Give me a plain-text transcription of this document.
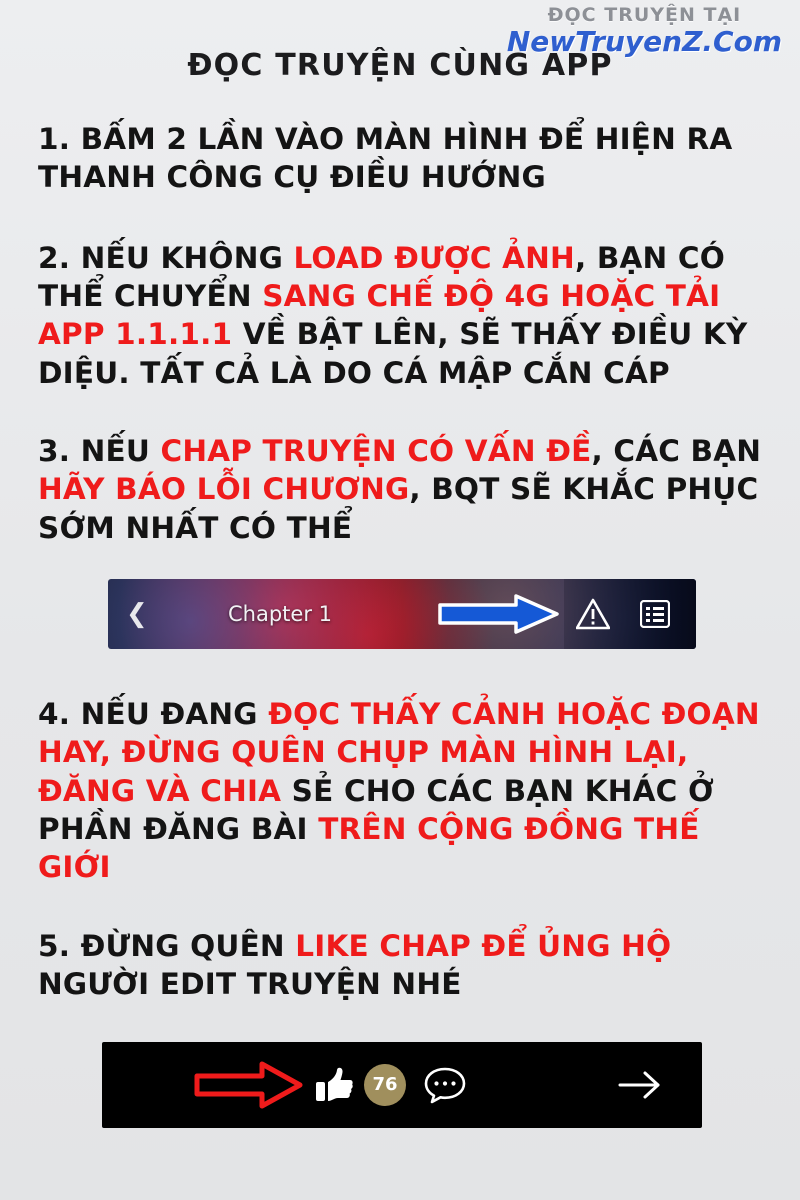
ĐỌC TRUYỆN TẠI
NewTruyenZ.Com
ĐỌC TRUYỆN CÙNG APP
1. BẤM 2 LẦN VÀO MÀN HÌNH ĐỂ HIỆN RA THANH CÔNG CỤ ĐIỀU HƯỚNG
2. NẾU KHÔNG LOAD ĐƯỢC ẢNH, BẠN CÓ THỂ CHUYỂN SANG CHẾ ĐỘ 4G HOẶC TẢI APP 1.1.1.1 VỀ BẬT LÊN, SẼ THẤY ĐIỀU KỲ DIỆU. TẤT CẢ LÀ DO CÁ MẬP CẮN CÁP
3. NẾU CHAP TRUYỆN CÓ VẤN ĐỀ, CÁC BẠN HÃY BÁO LỖI CHƯƠNG, BQT SẼ KHẮC PHỤC SỚM NHẤT CÓ THỂ
❮	Chapter 1
4. NẾU ĐANG ĐỌC THẤY CẢNH HOẶC ĐOẠN HAY, ĐỪNG QUÊN CHỤP MÀN HÌNH LẠI, ĐĂNG VÀ CHIA SẺ CHO CÁC BẠN KHÁC Ở PHẦN ĐĂNG BÀI TRÊN CỘNG ĐỒNG THẾ GIỚI
5. ĐỪNG QUÊN LIKE CHAP ĐỂ ỦNG HỘ NGƯỜI EDIT TRUYỆN NHÉ
76
